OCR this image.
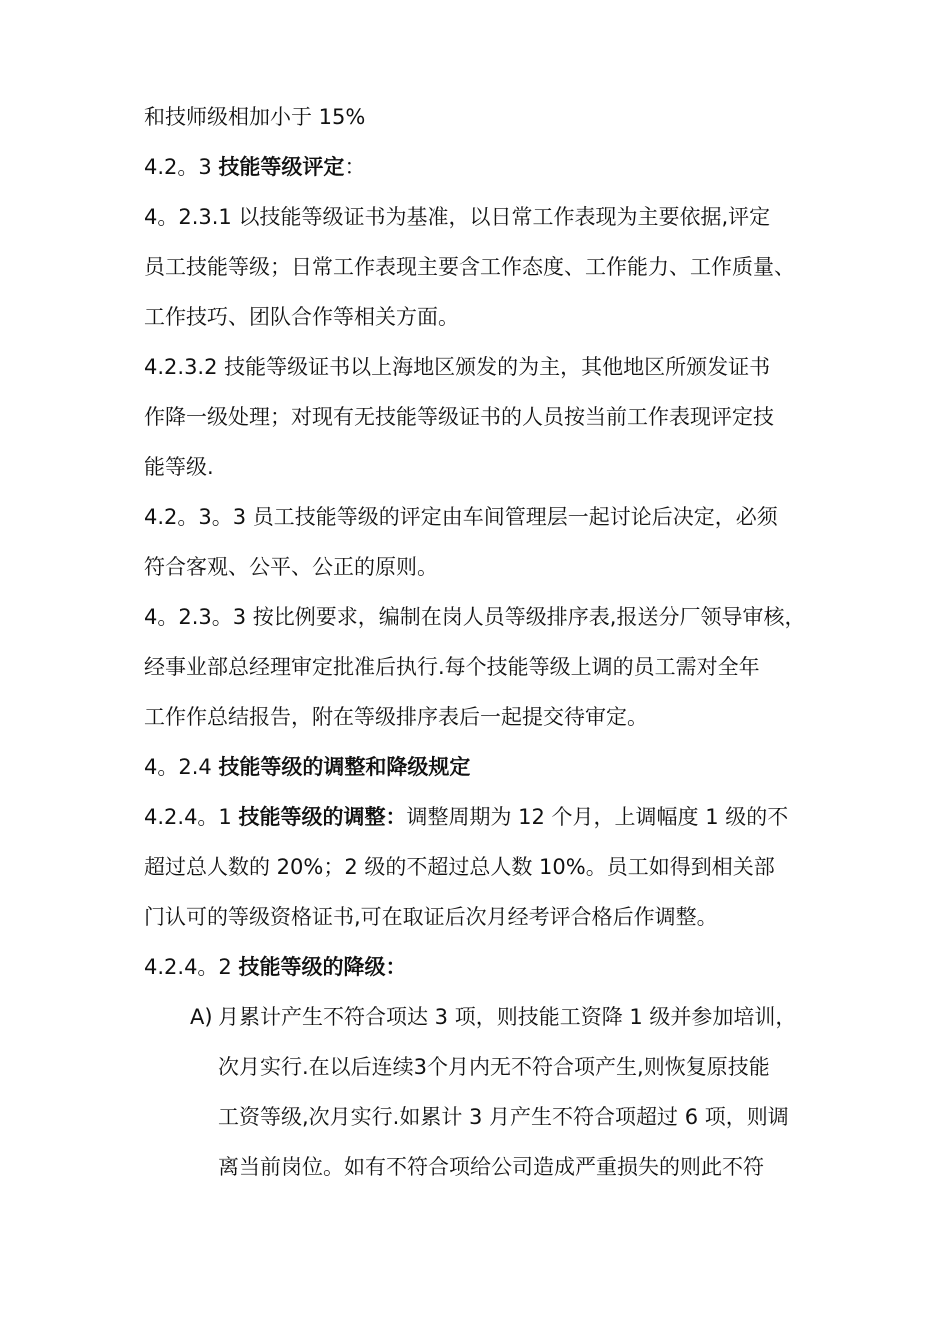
和技师级相加小于 15%
4.2。3 技能等级评定：
4。2.3.1 以技能等级证书为基准，以日常工作表现为主要依据,评定
员工技能等级；日常工作表现主要含工作态度、工作能力、工作质量、
工作技巧、团队合作等相关方面。
4.2.3.2 技能等级证书以上海地区颁发的为主，其他地区所颁发证书
作降一级处理；对现有无技能等级证书的人员按当前工作表现评定技
能等级.
4.2。3。3 员工技能等级的评定由车间管理层一起讨论后决定，必须
符合客观、公平、公正的原则。
4。2.3。3 按比例要求，编制在岗人员等级排序表,报送分厂领导审核，
经事业部总经理审定批准后执行.每个技能等级上调的员工需对全年
工作作总结报告，附在等级排序表后一起提交待审定。
4。2.4 技能等级的调整和降级规定
4.2.4。1 技能等级的调整：调整周期为 12 个月，上调幅度 1 级的不
超过总人数的 20%；2 级的不超过总人数 10%。员工如得到相关部
门认可的等级资格证书,可在取证后次月经考评合格后作调整。
4.2.4。2 技能等级的降级：
A) 月累计产生不符合项达 3 项，则技能工资降 1 级并参加培训，
次月实行.在以后连续3个月内无不符合项产生,则恢复原技能
工资等级,次月实行.如累计 3 月产生不符合项超过 6 项，则调
离当前岗位。如有不符合项给公司造成严重损失的则此不符
